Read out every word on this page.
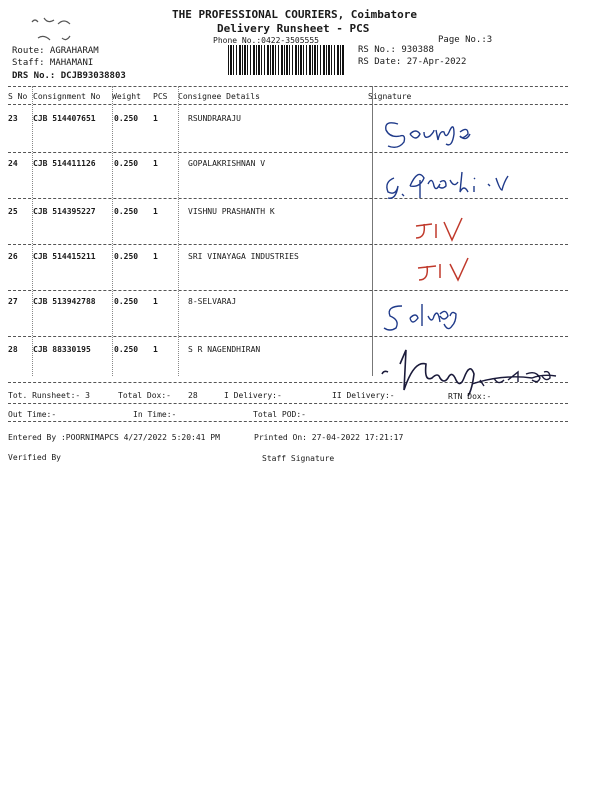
THE PROFESSIONAL COURIERS, Coimbatore
Delivery Runsheet - PCS
Phone No.:0422-3505555	Page No.:3
Route: AGRAHARAM
Staff: MAHAMANI
DRS No.: DCJB93038803
RS No.: 930388
RS Date: 27-Apr-2022
S No Consignment No Weight PCS Consignee Details	Signature
23 CJB 514407651 0.250 1	RSUNDRARAJU
24 CJB 514411126 0.250 1	GOPALAKRISHNAN V
25 CJB 514395227 0.250 1	VISHNU PRASHANTH K
26 CJB 514415211 0.250 1	SRI VINAYAGA INDUSTRIES
27 CJB 513942788 0.250 1	8-SELVARAJ
28 CJB 88330195	0.250 1	S R NAGENDHIRAN
Tot. Runsheet:- 3	Total Dox:- 28	I Delivery:-	II Delivery:-	RTN Dox:-
Out Time:-	In Time:-	Total POD:-
Entered By :POORNIMAPCS 4/27/2022 5:20:41 PM	Printed On: 27-04-2022 17:21:17
Verified By	Staff Signature
